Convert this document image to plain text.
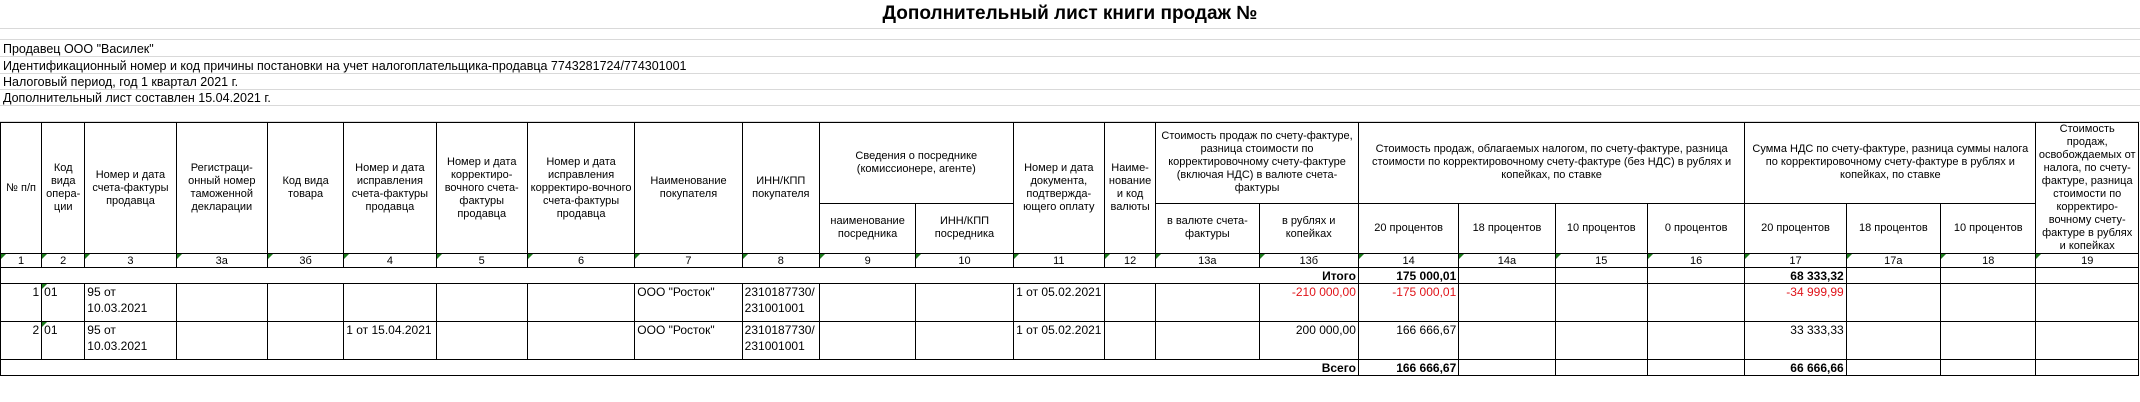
Дополнительный лист книги продаж №
Продавец ООО "Василек"
Идентификационный номер и код причины постановки на учет налогоплательщика-продавца 7743281724/774301001
Налоговый период, год 1 квартал 2021 г.
Дополнительный лист составлен 15.04.2021 г.
№ п/п	Код вида опера-ции	Номер и дата счета-фактуры продавца	Регистраци-онный номер таможенной декларации	Код вида товара	Номер и дата исправления счета-фактуры продавца	Номер и дата корректиро-вочного счета-фактуры продавца	Номер и дата исправления корректиро-вочного счета-фактуры продавца	Наименование покупателя	ИНН/КПП покупателя	Сведения о посреднике (комиссионере, агенте)		Номер и дата документа, подтвержда-ющего оплату	Наиме-нование и код валюты	Стоимость продаж по счету-фактуре, разница стоимости по корректировочному счету-фактуре (включая НДС) в валюте счета-фактуры		Стоимость продаж, облагаемых налогом, по счету-фактуре, разница стоимости по корректировочному счету-фактуре (без НДС) в рублях и копейках, по ставке				Сумма НДС по счету-фактуре, разница суммы налога по корректировочному счету-фактуре в рублях и копейках, по ставке			Стоимость продаж, освобождаемых от налога, по счету-фактуре, разница стоимости по корректиро-вочному счету-фактуре в рублях и копейках
										наименование посредника	ИНН/КПП посредника			в валюте счета-фактуры	в рублях и копейках	20 процентов	18 процентов	10 процентов	0 процентов	20 процентов	18 процентов	10 процентов	
1	2	3	3а	3б	4	5	6	7	8	9	10	11	12	13а	13б	14	14а	15	16	17	17а	18	19
Итого																175 000,01				68 333,32			
1	01	95 от 10.03.2021						ООО "Росток"	2310187730/ 231001001			1 от 05.02.2021			-210 000,00	-175 000,01				-34 999,99			
2	01	95 от 10.03.2021			1 от 15.04.2021			ООО "Росток"	2310187730/ 231001001			1 от 05.02.2021			200 000,00	166 666,67				33 333,33			
Всего																166 666,67				66 666,66			
